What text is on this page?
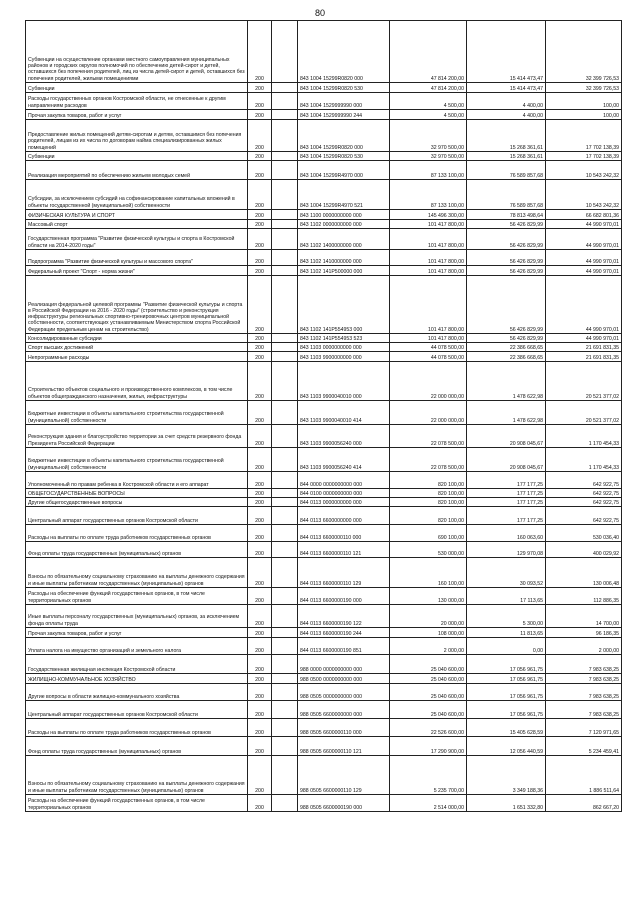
80
Субвенции на осуществление органами местного самоуправления муниципальных районов и городских округов полномочий по обеспечению детей-сирот и детей, оставшихся без попечения родителей, лиц из числа детей-сирот и детей, оставшихся без попечения родителей, жилыми помещениями	200		843 1004 15299R0820 000	47 814 200,00	15 414 473,47	32 399 726,53
Субвенции	200		843 1004 15299R0820 530	47 814 200,00	15 414 473,47	32 399 726,53
Расходы государственных органов Костромской области, не отнесенные к другим направлениям расходов	200		843 1004 1529999990 000	4 500,00	4 400,00	100,00
Прочая закупка товаров, работ и услуг	200		843 1004 1529999990 244	4 500,00	4 400,00	100,00
Предоставление жилых помещений детям-сиротам и детям, оставшимся без попечения родителей, лицам из их числа по договорам найма специализированных жилых помещений	200		843 1004 15299R0820 000	32 970 500,00	15 268 361,61	17 702 138,39
Субвенции	200		843 1004 15299R0820 530	32 970 500,00	15 268 361,61	17 702 138,39
Реализация мероприятий по обеспечению жильем молодых семей	200		843 1004 15299R4970 000	87 133 100,00	76 589 857,68	10 543 242,32
Субсидии, за исключением субсидий на софинансирование капитальных вложений в объекты государственной (муниципальной) собственности	200		843 1004 15299R4970 521	87 133 100,00	76 589 857,68	10 543 242,32
ФИЗИЧЕСКАЯ КУЛЬТУРА И СПОРТ	200		843 1100 0000000000 000	145 496 300,00	78 813 498,64	66 682 801,36
Массовый спорт	200		843 1102 0000000000 000	101 417 800,00	56 426 829,99	44 990 970,01
Государственная программа "Развитие физической культуры и спорта в Костромской области на 2014-2020 годы"	200		843 1102 1400000000 000	101 417 800,00	56 426 829,99	44 990 970,01
Подпрограмма "Развитие физической культуры и массового спорта"	200		843 1102 1410000000 000	101 417 800,00	56 426 829,99	44 990 970,01
Федеральный проект "Спорт - норма жизни"	200		843 1102 141P500000 000	101 417 800,00	56 426 829,99	44 990 970,01
Реализация федеральной целевой программы "Развитие физической культуры и спорта в Российской Федерации на 2016 - 2020 годы" (строительство и реконструкция инфраструктуры региональных спортивно-тренировочных центров муниципальной собственности, соответствующих устанавливаемым Министерством спорта Российской Федерации предельным ценам на строительство)	200		843 1102 141P554953 000	101 417 800,00	56 426 829,99	44 990 970,01
Консолидированные субсидии	200		843 1102 141P554953 523	101 417 800,00	56 426 829,99	44 990 970,01
Спорт высших достижений	200		843 1103 0000000000 000	44 078 500,00	22 386 668,65	21 691 831,35
Непрограммные расходы	200		843 1103 9900000000 000	44 078 500,00	22 386 668,65	21 691 831,35
Строительство объектов социального и производственного комплексов, в том числе объектов общегражданского назначения, жилья, инфраструктуры	200		843 1103 9900040010 000	22 000 000,00	1 478 622,98	20 521 377,02
Бюджетные инвестиции в объекты капитального строительства государственной (муниципальной) собственности	200		843 1103 9900040010 414	22 000 000,00	1 478 622,98	20 521 377,02
Реконструкция здания и благоустройство территории за счет средств резервного фонда Президента Российской Федерации	200		843 1103 9900056240 000	22 078 500,00	20 908 045,67	1 170 454,33
Бюджетные инвестиции в объекты капитального строительства государственной (муниципальной) собственности	200		843 1103 9900056240 414	22 078 500,00	20 908 045,67	1 170 454,33
Уполномоченный по правам ребенка в Костромской области и его аппарат	200		844 0000 0000000000 000	820 100,00	177 177,25	642 922,75
ОБЩЕГОСУДАРСТВЕННЫЕ ВОПРОСЫ	200		844 0100 0000000000 000	820 100,00	177 177,25	642 922,75
Другие общегосударственные вопросы	200		844 0113 0000000000 000	820 100,00	177 177,25	642 922,75
Центральный аппарат государственных органов Костромской области	200		844 0113 6600000000 000	820 100,00	177 177,25	642 922,75
Расходы на выплаты по оплате труда работников государственных органов	200		844 0113 6600000110 000	690 100,00	160 063,60	530 036,40
Фонд оплаты труда государственных (муниципальных) органов	200		844 0113 6600000110 121	530 000,00	129 970,08	400 029,92
Взносы по обязательному социальному страхованию на выплаты денежного содержания и иные выплаты работникам государственных (муниципальных) органов	200		844 0113 6600000110 129	160 100,00	30 093,52	130 006,48
Расходы на обеспечение функций государственных органов, в том числе территориальных органов	200		844 0113 6600000190 000	130 000,00	17 113,65	112 886,35
Иные выплаты персоналу государственных (муниципальных) органов, за исключением фонда оплаты труда	200		844 0113 6600000190 122	20 000,00	5 300,00	14 700,00
Прочая закупка товаров, работ и услуг	200		844 0113 6600000190 244	108 000,00	11 813,65	96 186,35
Уплата налога на имущество организаций и земельного налога	200		844 0113 6600000190 851	2 000,00	0,00	2 000,00
Государственная жилищная инспекция Костромской области	200		988 0000 0000000000 000	25 040 600,00	17 056 961,75	7 983 638,25
ЖИЛИЩНО-КОММУНАЛЬНОЕ ХОЗЯЙСТВО	200		988 0500 0000000000 000	25 040 600,00	17 056 961,75	7 983 638,25
Другие вопросы в области жилищно-коммунального хозяйства	200		988 0505 0000000000 000	25 040 600,00	17 056 961,75	7 983 638,25
Центральный аппарат государственных органов Костромской области	200		988 0505 6600000000 000	25 040 600,00	17 056 961,75	7 983 638,25
Расходы на выплаты по оплате труда работников государственных органов	200		988 0505 6600000110 000	22 526 600,00	15 405 628,59	7 120 971,65
Фонд оплаты труда государственных (муниципальных) органов	200		988 0505 6600000110 121	17 290 900,00	12 056 440,59	5 234 459,41
Взносы по обязательному социальному страхованию на выплаты денежного содержания и иные выплаты работникам государственных (муниципальных) органов	200		988 0505 6600000110 129	5 235 700,00	3 349 188,36	1 886 511,64
Расходы на обеспечение функций государственных органов, в том числе территориальных органов	200		988 0505 6600000190 000	2 514 000,00	1 651 332,80	862 667,20
